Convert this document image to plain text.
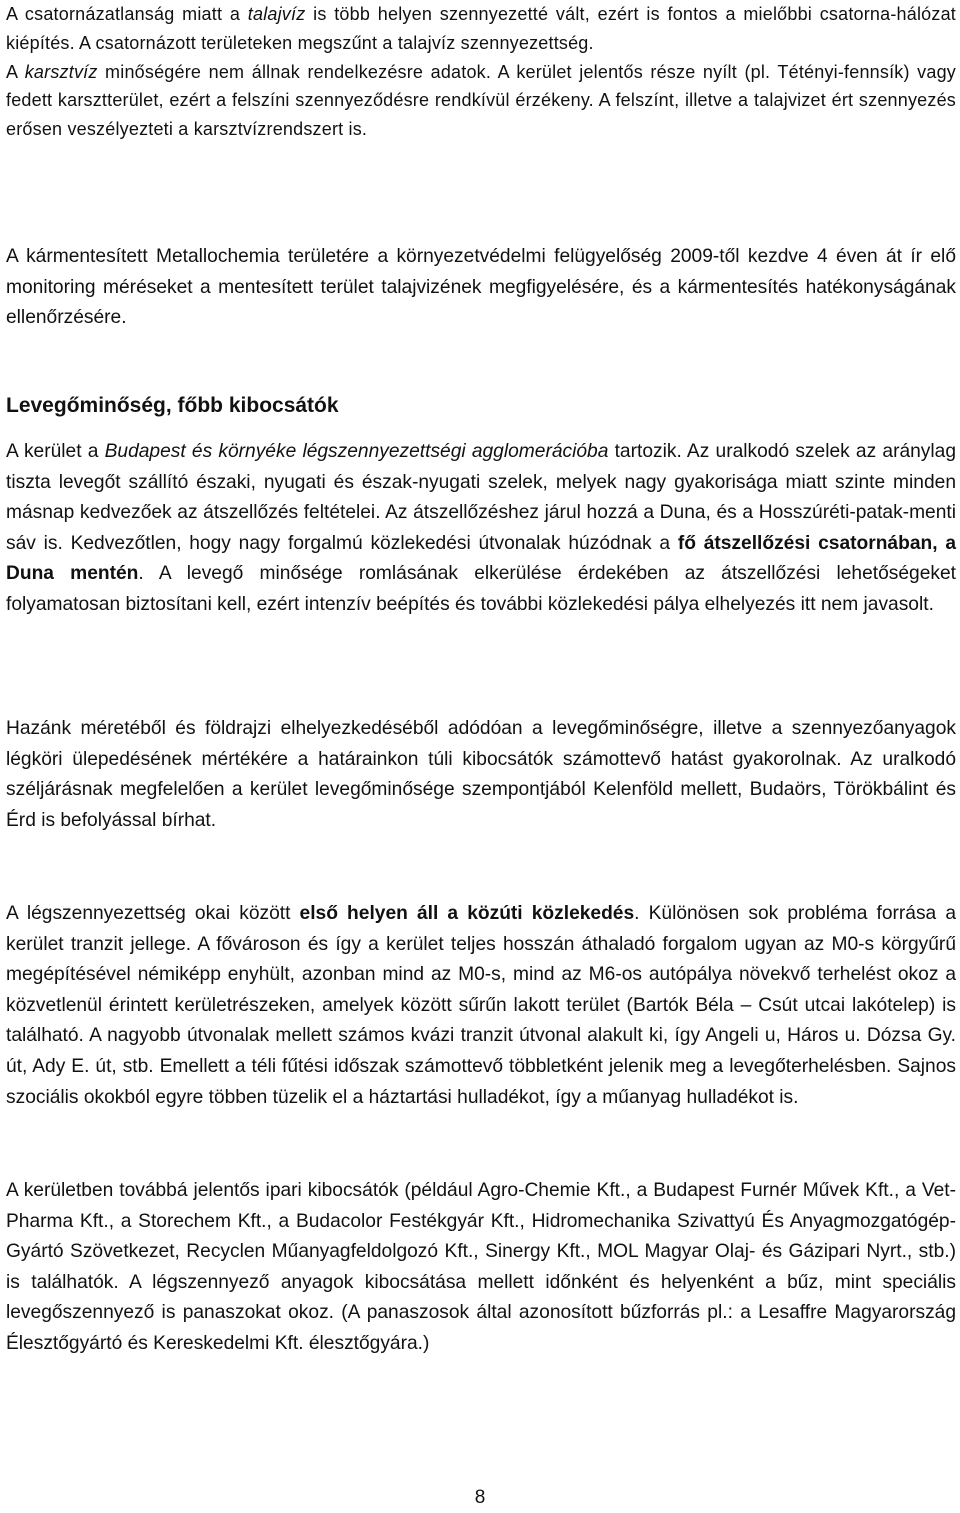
A csatornázatlanság miatt a talajvíz is több helyen szennyezetté vált, ezért is fontos a mielőbbi csatorna-hálózat kiépítés. A csatornázott területeken megszűnt a talajvíz szennyezettség.
A karsztvíz minőségére nem állnak rendelkezésre adatok. A kerület jelentős része nyílt (pl. Tétényi-fennsík) vagy fedett karsztterület, ezért a felszíni szennyeződésre rendkívül érzékeny. A felszínt, illetve a talajvizet ért szennyezés erősen veszélyezteti a karsztvízrendszert is.

A kármentesített Metallochemia területére a környezetvédelmi felügyelőség 2009-től kezdve 4 éven át ír elő monitoring méréseket a mentesített terület talajvizének megfigyelésére, és a kármentesítés hatékonyságának ellenőrzésére.

Levegőminőség, főbb kibocsátók

A kerület a Budapest és környéke légszennyezettségi agglomerációba tartozik. Az uralkodó szelek az aránylag tiszta levegőt szállító északi, nyugati és észak-nyugati szelek, melyek nagy gyakorisága miatt szinte minden másnap kedvezőek az átszellőzés feltételei. Az átszellőzéshez járul hozzá a Duna, és a Hosszúréti-patak-menti sáv is. Kedvezőtlen, hogy nagy forgalmú közlekedési útvonalak húzódnak a fő átszellőzési csatornában, a Duna mentén. A levegő minősége romlásának elkerülése érdekében az átszellőzési lehetőségeket folyamatosan biztosítani kell, ezért intenzív beépítés és további közlekedési pálya elhelyezés itt nem javasolt.

Hazánk méretéből és földrajzi elhelyezkedéséből adódóan a levegőminőségre, illetve a szennyezőanyagok légköri ülepedésének mértékére a határainkon túli kibocsátók számottevő hatást gyakorolnak. Az uralkodó széljárásnak megfelelően a kerület levegőminősége szempontjából Kelenföld mellett, Budaörs, Törökbálint és Érd is befolyással bírhat.

A légszennyezettség okai között első helyen áll a közúti közlekedés. Különösen sok probléma forrása a kerület tranzit jellege. A fővároson és így a kerület teljes hosszán áthaladó forgalom ugyan az M0-s körgyűrű megépítésével némiképp enyhült, azonban mind az M0-s, mind az M6-os autópálya növekvő terhelést okoz a közvetlenül érintett kerületrészeken, amelyek között sűrűn lakott terület (Bartók Béla – Csút utcai lakótelep) is található. A nagyobb útvonalak mellett számos kvázi tranzit útvonal alakult ki, így Angeli u, Háros u. Dózsa Gy. út, Ady E. út, stb. Emellett a téli fűtési időszak számottevő többletként jelenik meg a levegőterhelésben. Sajnos szociális okokból egyre többen tüzelik el a háztartási hulladékot, így a műanyag hulladékot is.

A kerületben továbbá jelentős ipari kibocsátók (például Agro-Chemie Kft., a Budapest Furnér Művek Kft., a Vet-Pharma Kft., a Storechem Kft., a Budacolor Festékgyár Kft., Hidromechanika Szivattyú És Anyagmozgatógép-Gyártó Szövetkezet, Recyclen Műanyagfeldolgozó Kft., Sinergy Kft., MOL Magyar Olaj- és Gázipari Nyrt., stb.) is találhatók. A légszennyező anyagok kibocsátása mellett időnként és helyenként a bűz, mint speciális levegőszennyező is panaszokat okoz. (A panaszosok által azonosított bűzforrás pl.: a Lesaffre Magyarország Élesztőgyártó és Kereskedelmi Kft. élesztőgyára.)

8
